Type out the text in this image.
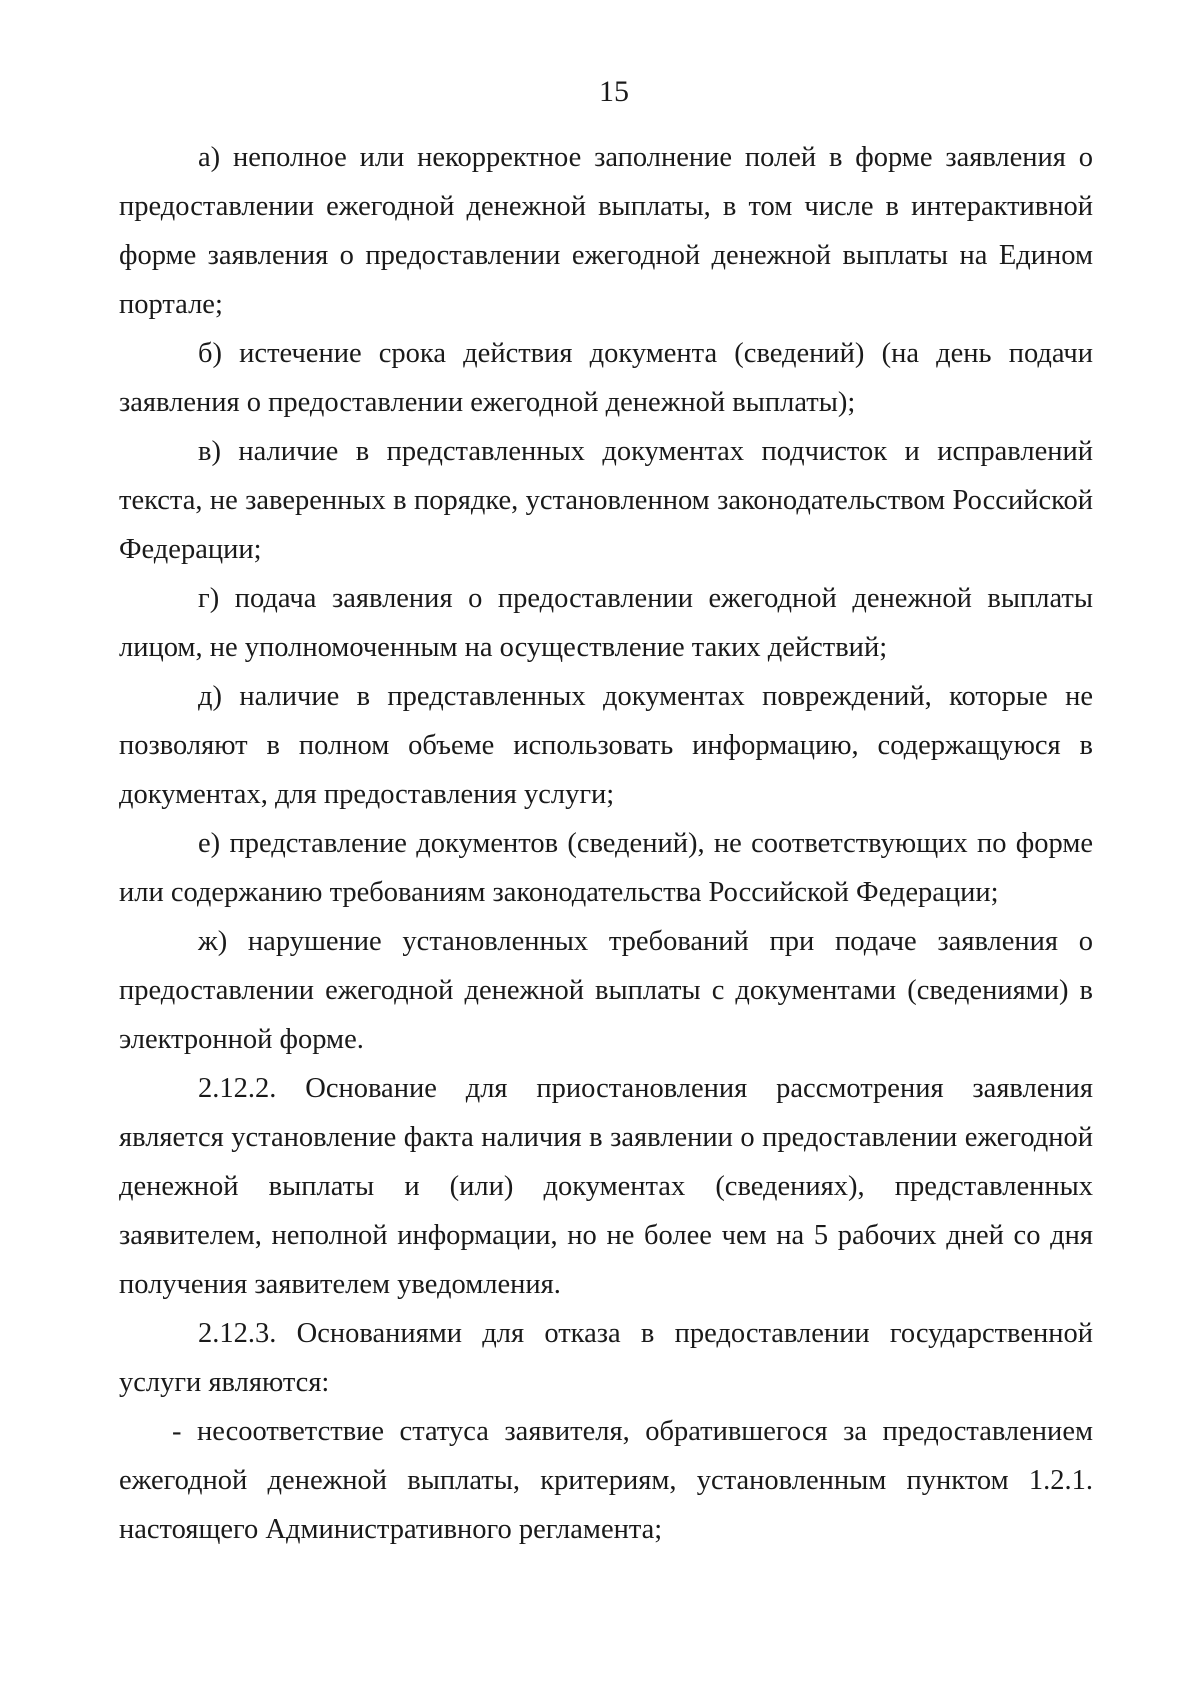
15

а) неполное или некорректное заполнение полей в форме заявления о предоставлении ежегодной денежной выплаты, в том числе в интерактивной форме заявления о предоставлении ежегодной денежной выплаты на Едином портале;

б) истечение срока действия документа (сведений) (на день подачи заявления о предоставлении ежегодной денежной выплаты);

в) наличие в представленных документах подчисток и исправлений текста, не заверенных в порядке, установленном законодательством Российской Федерации;

г) подача заявления о предоставлении ежегодной денежной выплаты лицом, не уполномоченным на осуществление таких действий;

д) наличие в представленных документах повреждений, которые не позволяют в полном объеме использовать информацию, содержащуюся в документах, для предоставления услуги;

е) представление документов (сведений), не соответствующих по форме или содержанию требованиям законодательства Российской Федерации;

ж) нарушение установленных требований при подаче заявления о предоставлении ежегодной денежной выплаты с документами (сведениями) в электронной форме.

2.12.2. Основание для приостановления рассмотрения заявления является установление факта наличия в заявлении о предоставлении ежегодной денежной выплаты и (или) документах (сведениях), представленных заявителем, неполной информации, но не более чем на 5 рабочих дней со дня получения заявителем уведомления.

2.12.3. Основаниями для отказа в предоставлении государственной услуги являются:

- несоответствие статуса заявителя, обратившегося за предоставлением ежегодной денежной выплаты, критериям, установленным пунктом 1.2.1. настоящего Административного регламента;
